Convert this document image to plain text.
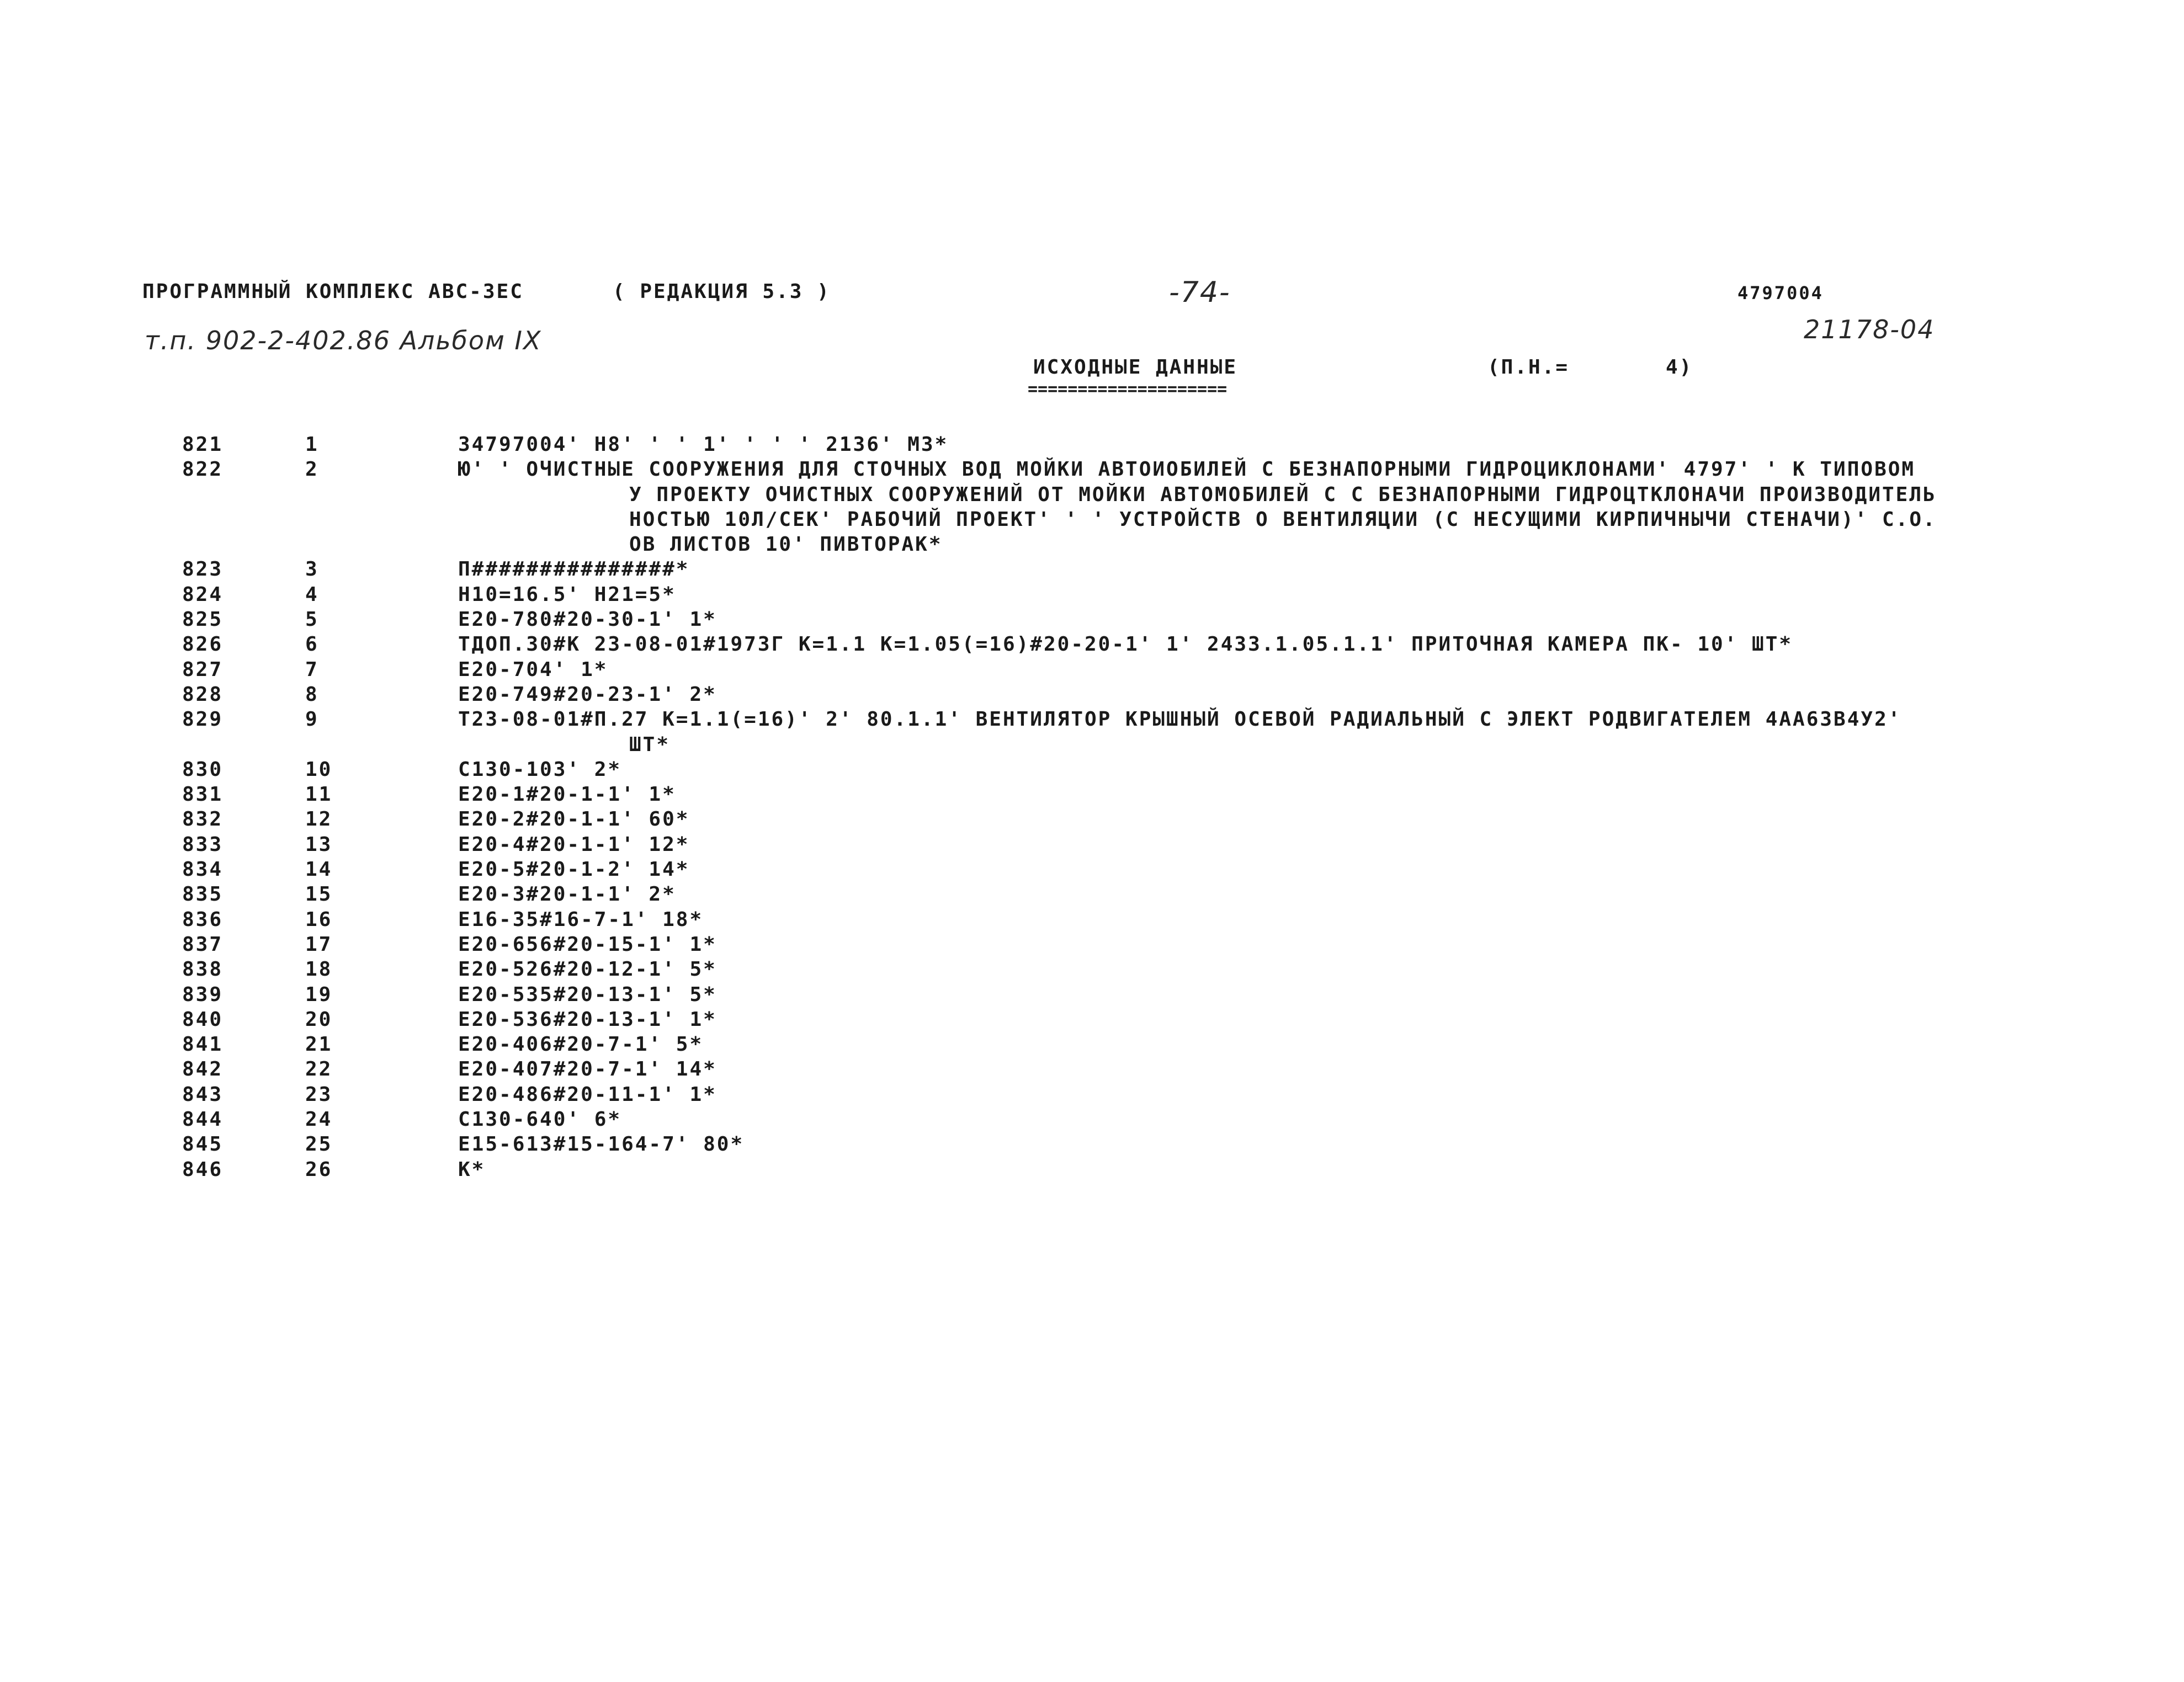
ПРОГРАММНЫЙ КОМПЛЕКС АВС-3ЕС	( РЕДАКЦИЯ 5.3 )	-74-	4797004
т.п. 902-2-402.86 Альбом IX	21178-04
ИСХОДНЫЕ ДАННЫЕ
====================
(П.Н.=	4)
821	1	34797004' Н8' ' ' 1' ' ' ' 2136' МЗ*
822	2	Ю' ' ОЧИСТНЫЕ СООРУЖЕНИЯ ДЛЯ СТОЧНЫХ ВОД МОЙКИ АВТОИОБИЛЕЙ С БЕЗНАПОРНЫМИ ГИДРОЦИКЛОНАМИ' 4797' ' К ТИПОВОМ
У ПРОЕКТУ ОЧИСТНЫХ СООРУЖЕНИЙ ОТ МОЙКИ АВТОМОБИЛЕЙ С С БЕЗНАПОРНЫМИ ГИДРОЦТКЛОНАЧИ ПРОИЗВОДИТЕЛЬ
НОСТЬЮ 10Л/СЕК' РАБОЧИЙ ПРОЕКТ' ' ' УСТРОЙСТВ О ВЕНТИЛЯЦИИ (С НЕСУЩИМИ КИРПИЧНЫЧИ СТЕНАЧИ)' С.О.
ОВ ЛИСТОВ 10' ПИВТОРАК*
823	3	П###############*
824	4	Н10=16.5' Н21=5*
825	5	Е20-780#20-30-1' 1*
826	6	ТДОП.30#К 23-08-01#1973Г К=1.1 К=1.05(=16)#20-20-1' 1' 2433.1.05.1.1' ПРИТОЧНАЯ КАМЕРА ПК- 10' ШТ*
827	7	Е20-704' 1*
828	8	Е20-749#20-23-1' 2*
829	9	Т23-08-01#П.27 К=1.1(=16)' 2' 80.1.1' ВЕНТИЛЯТОР КРЫШНЫЙ ОСЕВОЙ РАДИАЛЬНЫЙ С ЭЛЕКТ РОДВИГАТЕЛЕМ 4АА63В4У2'
ШТ*
830	10	С130-103' 2*
831	11	Е20-1#20-1-1' 1*
832	12	Е20-2#20-1-1' 60*
833	13	Е20-4#20-1-1' 12*
834	14	Е20-5#20-1-2' 14*
835	15	Е20-3#20-1-1' 2*
836	16	Е16-35#16-7-1' 18*
837	17	Е20-656#20-15-1' 1*
838	18	Е20-526#20-12-1' 5*
839	19	Е20-535#20-13-1' 5*
840	20	Е20-536#20-13-1' 1*
841	21	Е20-406#20-7-1' 5*
842	22	Е20-407#20-7-1' 14*
843	23	Е20-486#20-11-1' 1*
844	24	С130-640' 6*
845	25	Е15-613#15-164-7' 80*
846	26	К*
